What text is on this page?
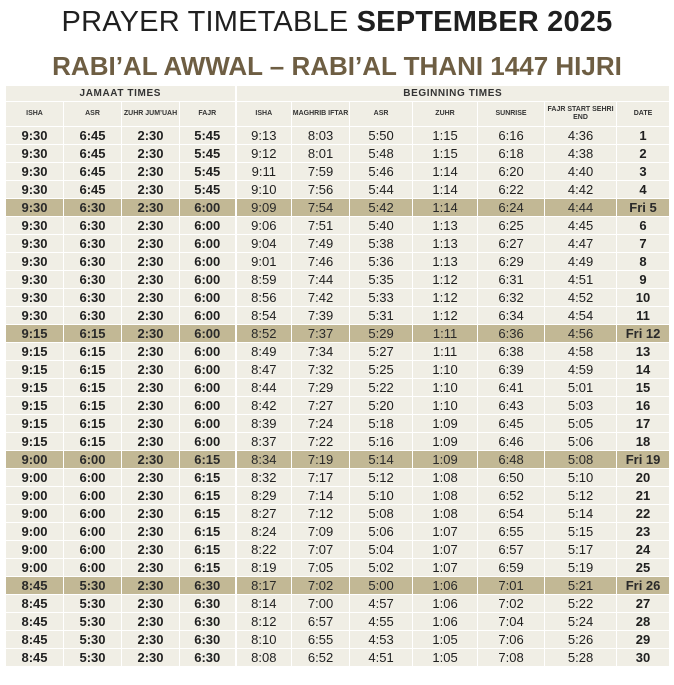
PRAYER TIMETABLE SEPTEMBER 2025
RABI’AL AWWAL – RABI’AL THANI 1447 HIJRI
JAMAAT TIMES				BEGINNING TIMES						
ISHA	ASR	ZUHR JUM’UAH	FAJR	ISHA	MAGHRIB IFTAR	ASR	ZUHR	SUNRISE	FAJR START SEHRI END	DATE
9:30	6:45	2:30	5:45	9:13	8:03	5:50	1:15	6:16	4:36	1
9:30	6:45	2:30	5:45	9:12	8:01	5:48	1:15	6:18	4:38	2
9:30	6:45	2:30	5:45	9:11	7:59	5:46	1:14	6:20	4:40	3
9:30	6:45	2:30	5:45	9:10	7:56	5:44	1:14	6:22	4:42	4
9:30	6:30	2:30	6:00	9:09	7:54	5:42	1:14	6:24	4:44	Fri 5
9:30	6:30	2:30	6:00	9:06	7:51	5:40	1:13	6:25	4:45	6
9:30	6:30	2:30	6:00	9:04	7:49	5:38	1:13	6:27	4:47	7
9:30	6:30	2:30	6:00	9:01	7:46	5:36	1:13	6:29	4:49	8
9:30	6:30	2:30	6:00	8:59	7:44	5:35	1:12	6:31	4:51	9
9:30	6:30	2:30	6:00	8:56	7:42	5:33	1:12	6:32	4:52	10
9:30	6:30	2:30	6:00	8:54	7:39	5:31	1:12	6:34	4:54	11
9:15	6:15	2:30	6:00	8:52	7:37	5:29	1:11	6:36	4:56	Fri 12
9:15	6:15	2:30	6:00	8:49	7:34	5:27	1:11	6:38	4:58	13
9:15	6:15	2:30	6:00	8:47	7:32	5:25	1:10	6:39	4:59	14
9:15	6:15	2:30	6:00	8:44	7:29	5:22	1:10	6:41	5:01	15
9:15	6:15	2:30	6:00	8:42	7:27	5:20	1:10	6:43	5:03	16
9:15	6:15	2:30	6:00	8:39	7:24	5:18	1:09	6:45	5:05	17
9:15	6:15	2:30	6:00	8:37	7:22	5:16	1:09	6:46	5:06	18
9:00	6:00	2:30	6:15	8:34	7:19	5:14	1:09	6:48	5:08	Fri 19
9:00	6:00	2:30	6:15	8:32	7:17	5:12	1:08	6:50	5:10	20
9:00	6:00	2:30	6:15	8:29	7:14	5:10	1:08	6:52	5:12	21
9:00	6:00	2:30	6:15	8:27	7:12	5:08	1:08	6:54	5:14	22
9:00	6:00	2:30	6:15	8:24	7:09	5:06	1:07	6:55	5:15	23
9:00	6:00	2:30	6:15	8:22	7:07	5:04	1:07	6:57	5:17	24
9:00	6:00	2:30	6:15	8:19	7:05	5:02	1:07	6:59	5:19	25
8:45	5:30	2:30	6:30	8:17	7:02	5:00	1:06	7:01	5:21	Fri 26
8:45	5:30	2:30	6:30	8:14	7:00	4:57	1:06	7:02	5:22	27
8:45	5:30	2:30	6:30	8:12	6:57	4:55	1:06	7:04	5:24	28
8:45	5:30	2:30	6:30	8:10	6:55	4:53	1:05	7:06	5:26	29
8:45	5:30	2:30	6:30	8:08	6:52	4:51	1:05	7:08	5:28	30
